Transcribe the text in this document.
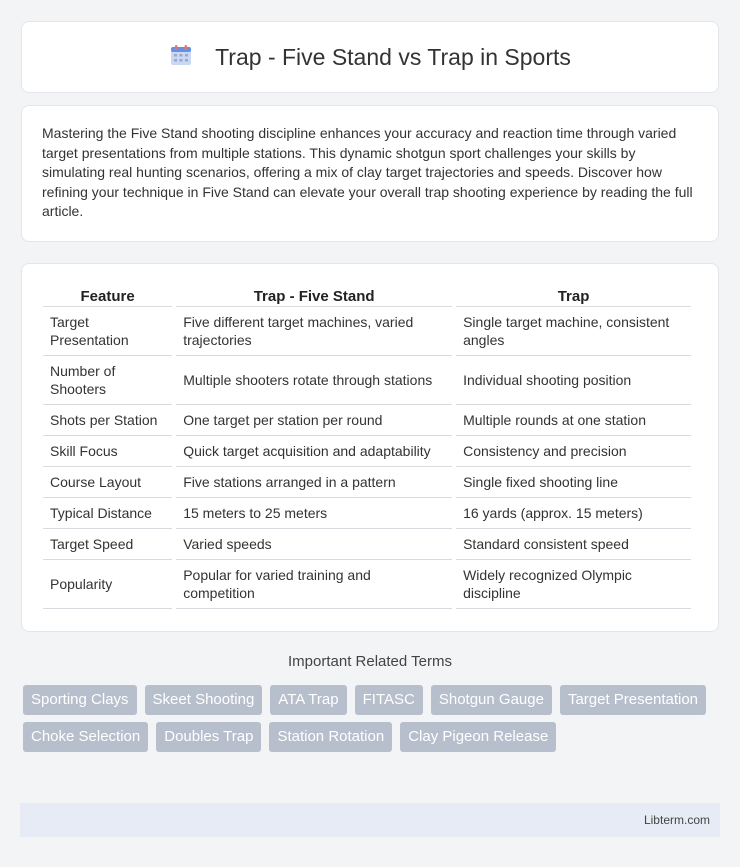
Trap - Five Stand vs Trap in Sports

Mastering the Five Stand shooting discipline enhances your accuracy and reaction time through varied target presentations from multiple stations. This dynamic shotgun sport challenges your skills by simulating real hunting scenarios, offering a mix of clay target trajectories and speeds. Discover how refining your technique in Five Stand can elevate your overall trap shooting experience by reading the full article.

Feature	Trap - Five Stand	Trap
Target Presentation	Five different target machines, varied trajectories	Single target machine, consistent angles
Number of Shooters	Multiple shooters rotate through stations	Individual shooting position
Shots per Station	One target per station per round	Multiple rounds at one station
Skill Focus	Quick target acquisition and adaptability	Consistency and precision
Course Layout	Five stations arranged in a pattern	Single fixed shooting line
Typical Distance	15 meters to 25 meters	16 yards (approx. 15 meters)
Target Speed	Varied speeds	Standard consistent speed
Popularity	Popular for varied training and competition	Widely recognized Olympic discipline
Important Related Terms
Sporting Clays	Skeet Shooting	ATA Trap	FITASC	Shotgun Gauge	Target Presentation
Choke Selection	Doubles Trap	Station Rotation	Clay Pigeon Release
Libterm.com
